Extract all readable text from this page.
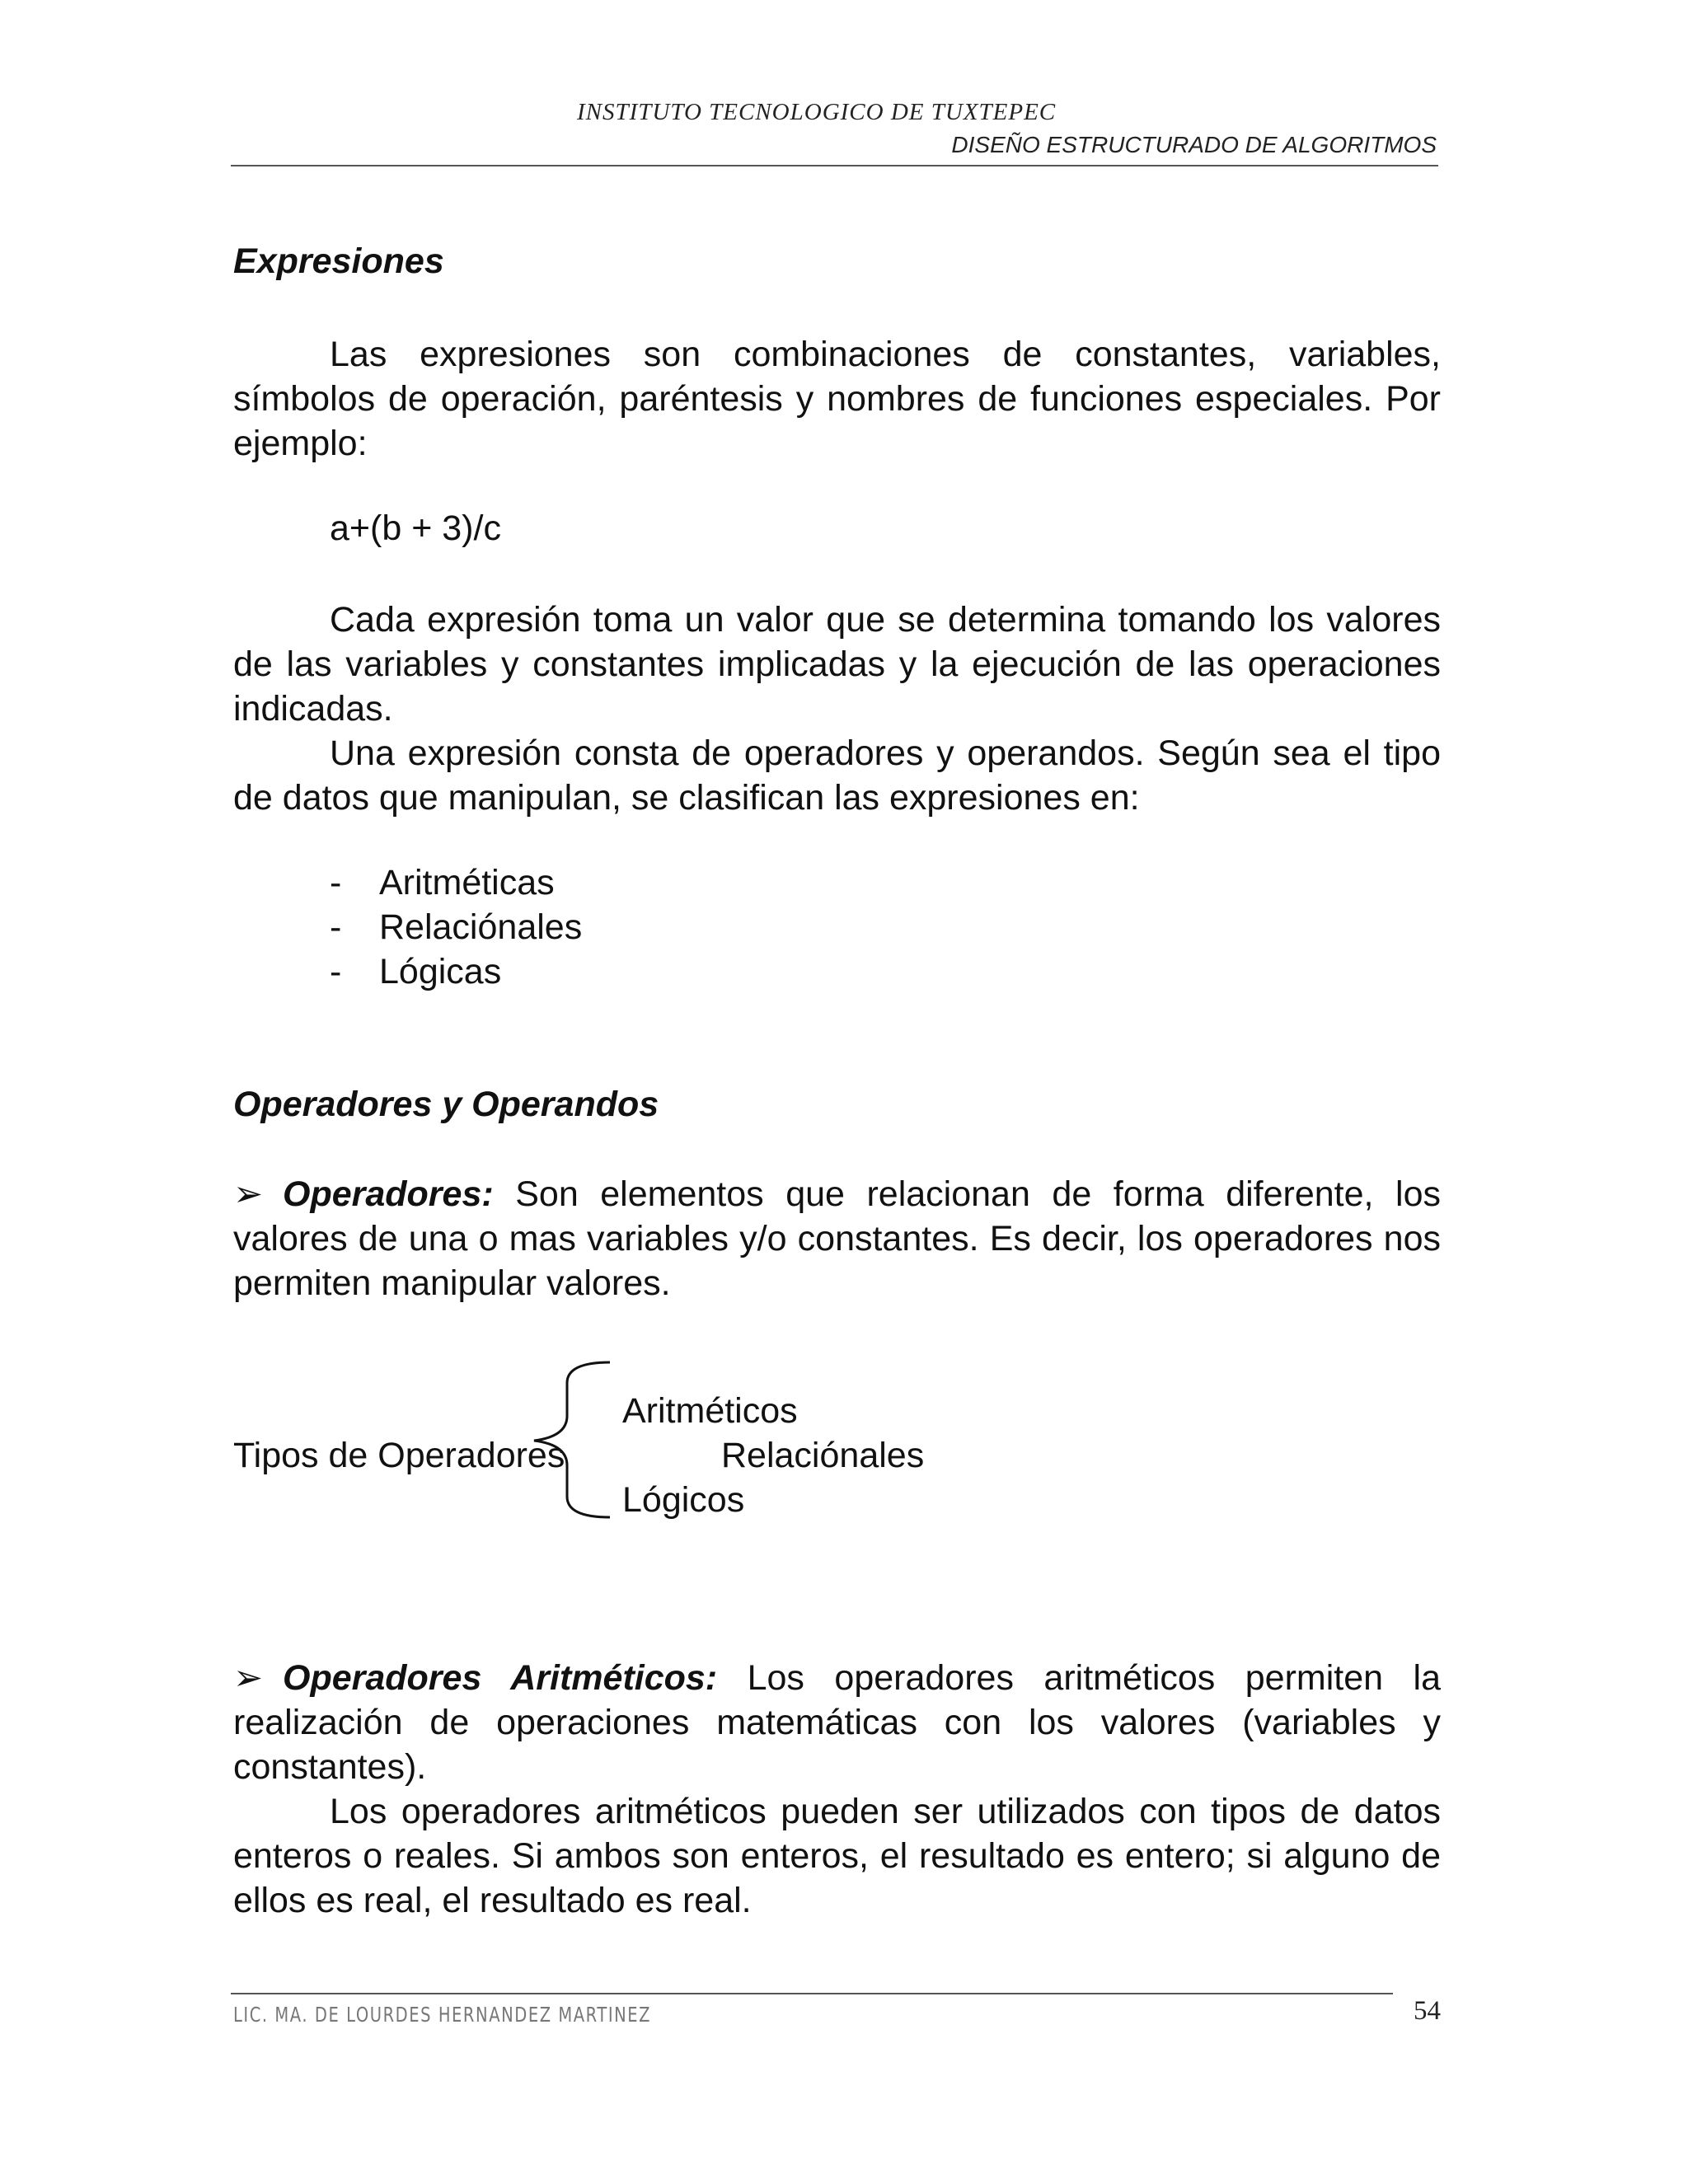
INSTITUTO TECNOLOGICO DE TUXTEPEC
DISEÑO ESTRUCTURADO DE ALGORITMOS
Expresiones
Las expresiones son combinaciones de constantes, variables, símbolos de operación, paréntesis y nombres de funciones especiales. Por ejemplo:
a+(b + 3)/c
Cada expresión toma un valor que se determina tomando los valores de las variables y constantes implicadas y la ejecución de las operaciones indicadas.
Una expresión consta de operadores y operandos. Según sea el tipo de datos que manipulan, se clasifican las expresiones en:
- Aritméticas
- Relaciónales
- Lógicas
Operadores y Operandos
➢ Operadores: Son elementos que relacionan de forma diferente, los valores de una o mas variables y/o constantes. Es decir, los operadores nos permiten manipular valores.
Tipos de Operadores
Aritméticos
Relaciónales
Lógicos
➢ Operadores Aritméticos: Los operadores aritméticos permiten la realización de operaciones matemáticas con los valores (variables y constantes).
Los operadores aritméticos pueden ser utilizados con tipos de datos enteros o reales. Si ambos son enteros, el resultado es entero; si alguno de ellos es real, el resultado es real.
LIC. MA. DE LOURDES HERNANDEZ MARTINEZ	54
